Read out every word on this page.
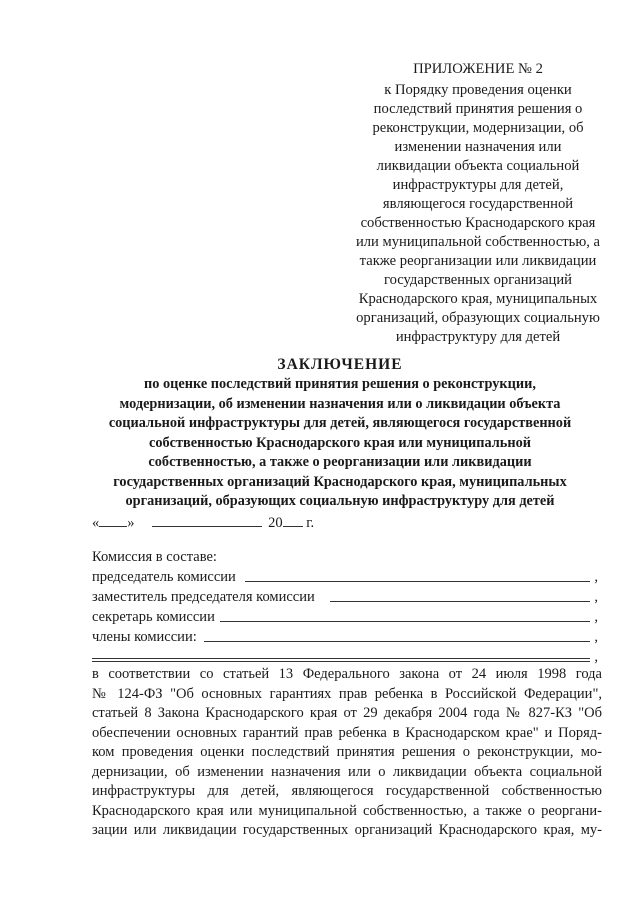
ПРИЛОЖЕНИЕ № 2
к Порядку проведения оценки
последствий принятия решения о
реконструкции, модернизации, об
изменении назначения или
ликвидации объекта социальной
инфраструктуры для детей,
являющегося государственной
собственностью Краснодарского края
или муниципальной собственностью, а
также реорганизации или ликвидации
государственных организаций
Краснодарского края, муниципальных
организаций, образующих социальную
инфраструктуру для детей
ЗАКЛЮЧЕНИЕ
по оценке последствий принятия решения о реконструкции,
модернизации, об изменении назначения или о ликвидации объекта
социальной инфраструктуры для детей, являющегося государственной
собственностью Краснодарского края или муниципальной
собственностью, а также о реорганизации или ликвидации
государственных организаций Краснодарского края, муниципальных
организаций, образующих социальную инфраструктуру для детей
« »	20 г.
Комиссия в составе:
председатель комиссии	,
заместитель председателя комиссии	,
секретарь комиссии	,
члены комиссии:	,
,
в соответствии со статьей 13 Федерального закона от 24 июля 1998 года
№ 124-ФЗ "Об основных гарантиях прав ребенка в Российской Федерации",
статьей 8 Закона Краснодарского края от 29 декабря 2004 года № 827-КЗ "Об
обеспечении основных гарантий прав ребенка в Краснодарском крае" и Поряд-
ком проведения оценки последствий принятия решения о реконструкции, мо-
дернизации, об изменении назначения или о ликвидации объекта социальной
инфраструктуры для детей, являющегося государственной собственностью
Краснодарского края или муниципальной собственностью, а также о реоргани-
зации или ликвидации государственных организаций Краснодарского края, му-
